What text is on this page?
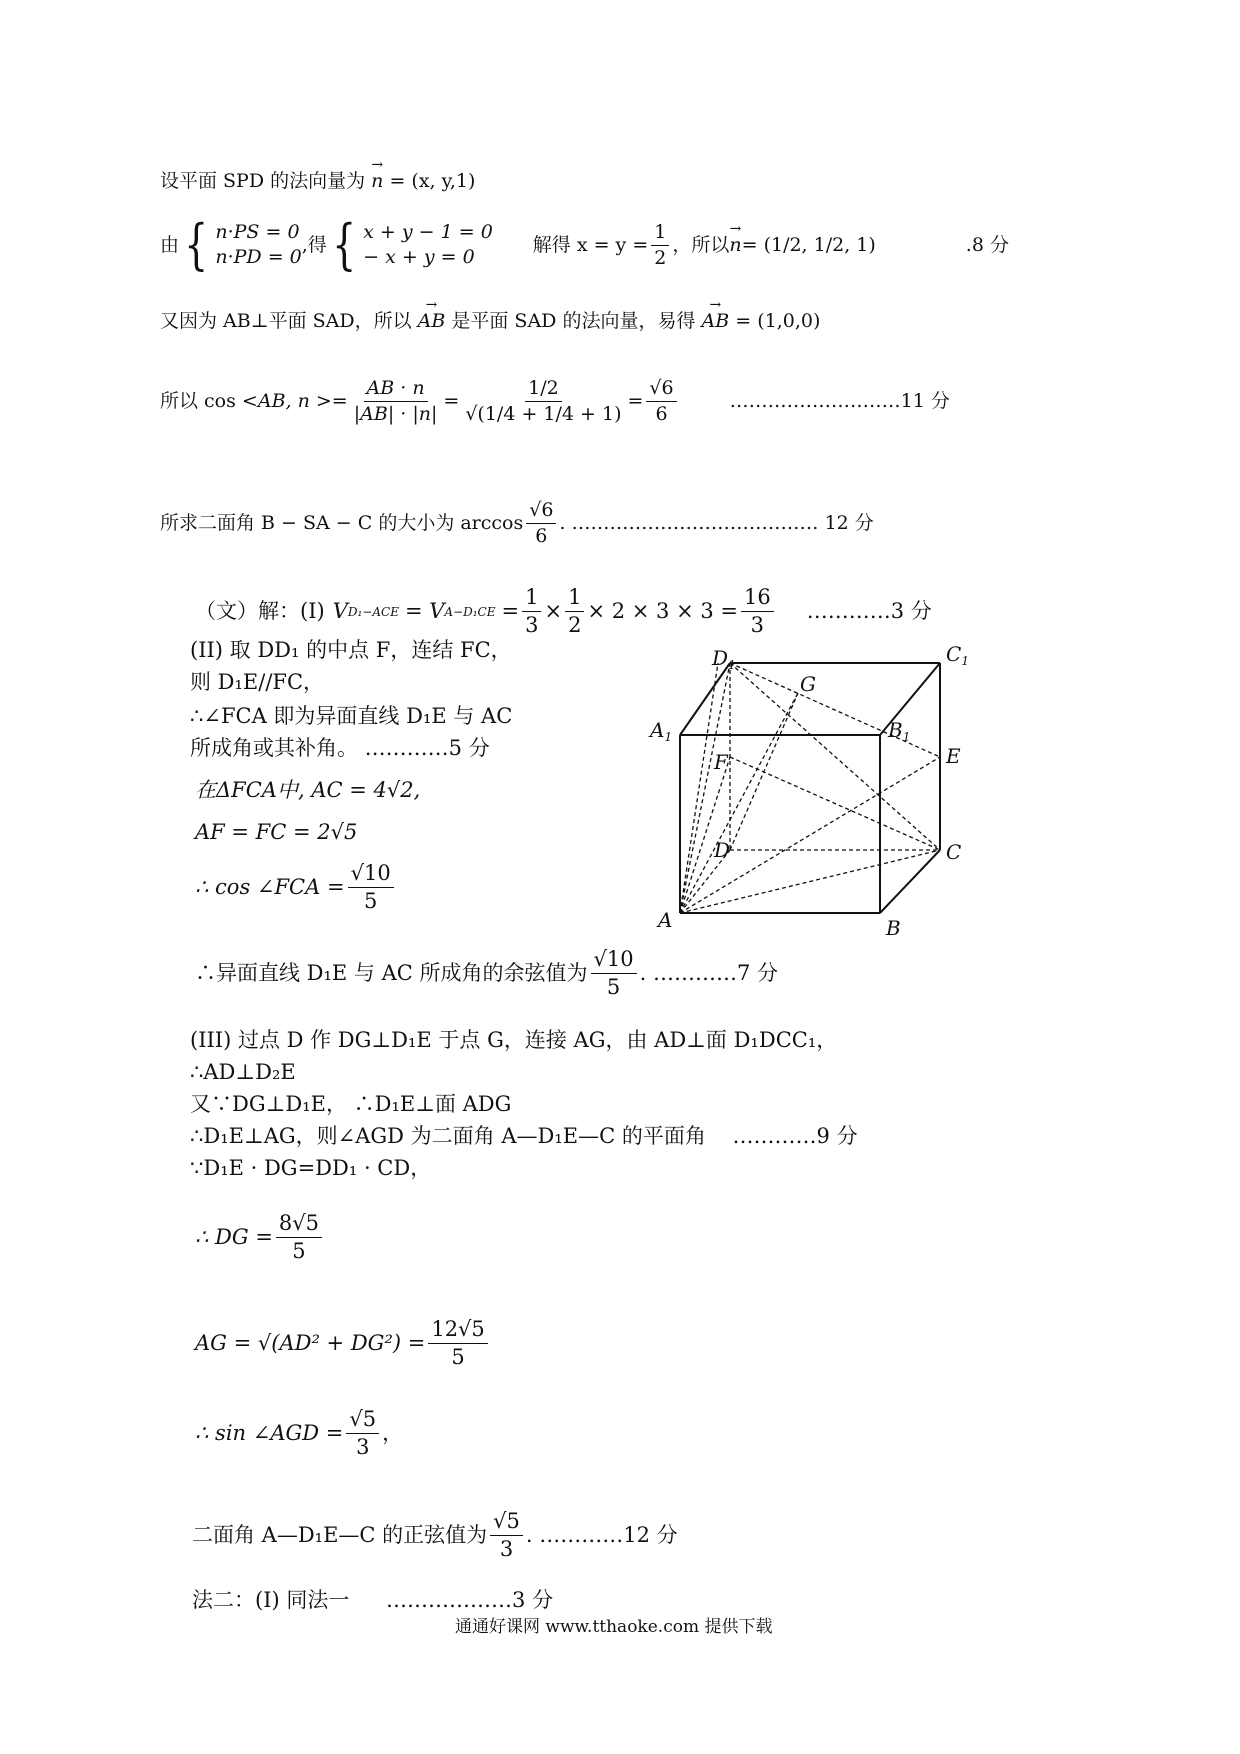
设平面 SPD 的法向量为 → n = (x, y,1)
由 { n·PS = 0
n·PD = 0
,得 { x + y − 1 = 0
− x + y = 0
解得 $x = y = \frac{1}{2}$ ，所以 → n = (1/2, 1/2, 1)	.8 分
又因为 AB⊥平面 SAD，所以 → AB 是平面 SAD 的法向量，易得 → AB = (1,0,0)
所以 cos < AB, $n >= \frac{AB \cdot n}{|AB| \cdot |n|} = \frac{1/2}{√(1/4 + 1/4 + 1)} = \frac{√6}{6}$	………………………11 分
所求二面角 B − SA − C 的大小为 $\arccos \frac{√6}{6}$ . ………………………………… 12 分
（文）解：(I) V D₁−ACE = V $A-D_1CE = \frac{1}{3} \times \frac{1}{2} \times 2 \times 3 \times 3 = \frac{16}{3}$ …………3 分
(II) 取 DD₁ 的中点 F，连结 FC，
则 D₁E//FC，
∴∠FCA 即为异面直线 D₁E 与 AC
所成角或其补角。 …………5 分
在ΔFCA中, AC = 4√2,
AF = FC = 2√5
∴ cos ∠FCA = $\frac{√10}{5}$
∴异面直线 D₁E 与 AC 所成角的余弦值为 $\frac{√10}{5}$ . …………7 分
(III) 过点 D 作 DG⊥D₁E 于点 G，连接 AG，由 AD⊥面 D₁DCC₁，
∴AD⊥D₂E
又∵DG⊥D₁E， ∴D₁E⊥面 ADG
∴D₁E⊥AG，则∠AGD 为二面角 A—D₁E—C 的平面角 …………9 分
∵D₁E · DG=DD₁ · CD，
∴ DG = $\frac{8√5}{5}$
AG = $√(AD^2 + DG^2) = \frac{12√5}{5}$
∴ sin ∠AGD = $\frac{√5}{3}$ ，
二面角 A—D₁E—C 的正弦值为 $\frac{√5}{3}$ . …………12 分
法二：(I) 同法一 ………………3 分
$D_1$	$C_1$
$A_1$	$B_1$
G
E
F
D	C
A	B
通通好课网 www.tthaoke.com 提供下载
